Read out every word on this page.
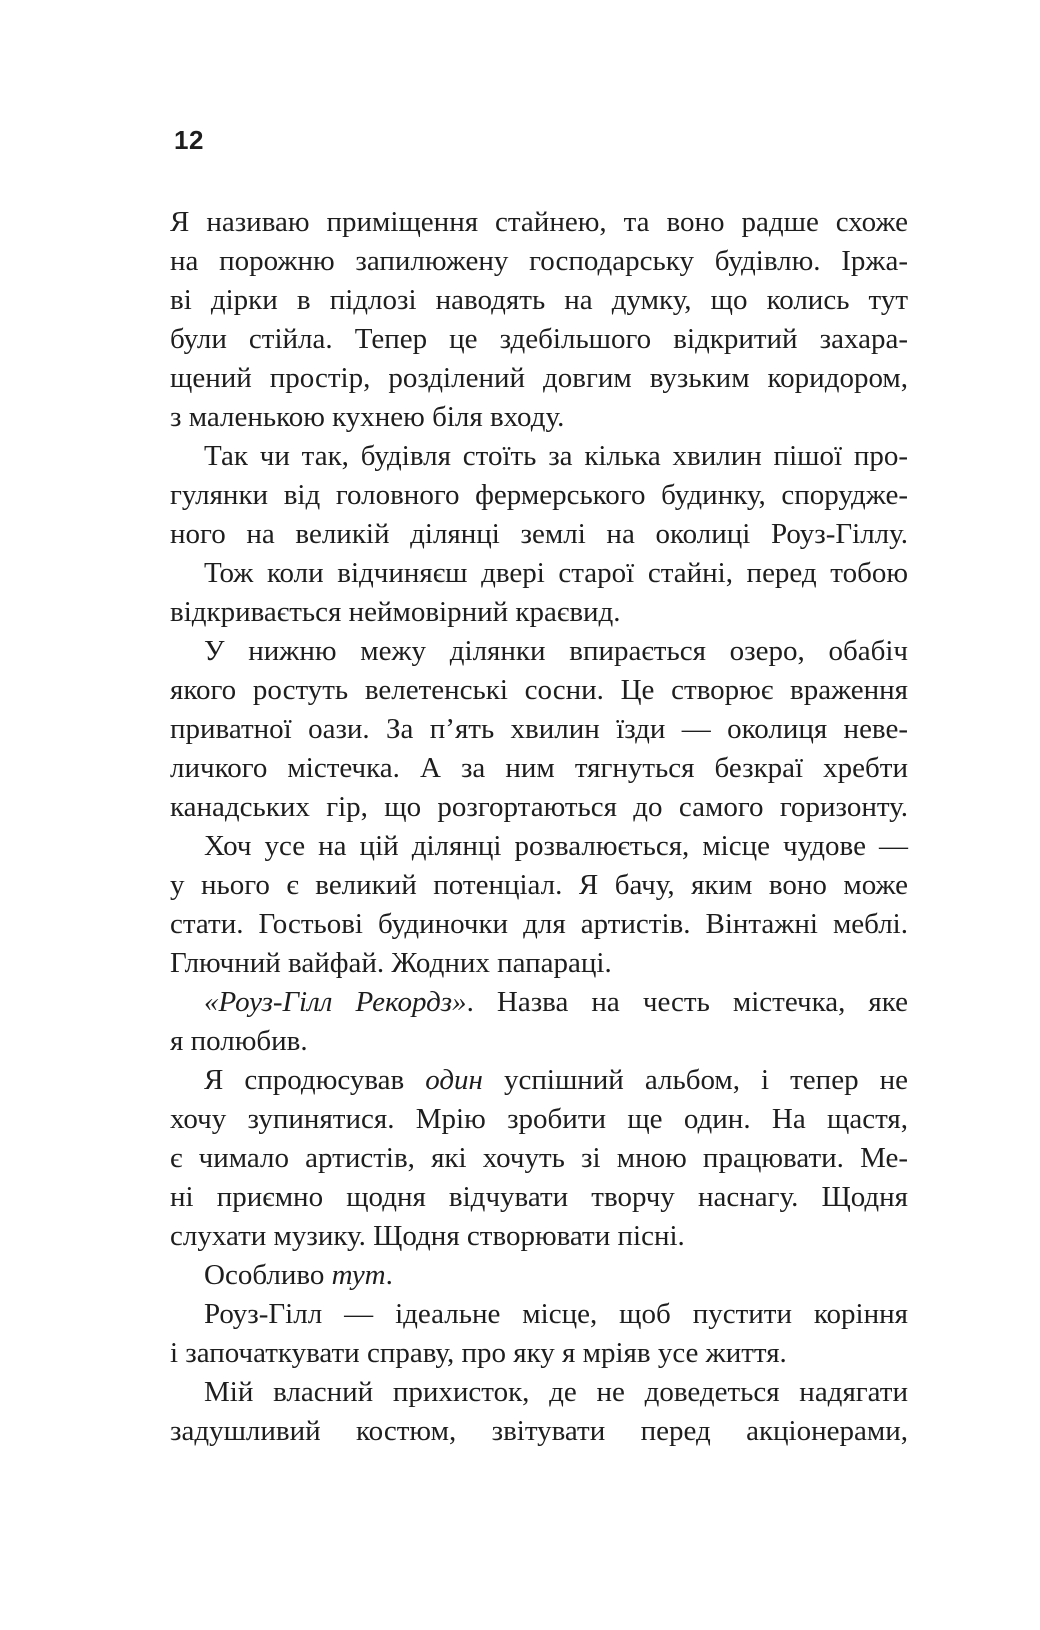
12
Я називаю приміщення стайнею, та воно радше схоже
на порожню запилюжену господарську будівлю. Іржа-
ві дірки в підлозі наводять на думку, що колись тут
були стійла. Тепер це здебільшого відкритий захара-
щений простір, розділений довгим вузьким коридором,
з маленькою кухнею біля входу.
Так чи так, будівля стоїть за кілька хвилин пішої про-
гулянки від головного фермерського будинку, спорудже-
ного на великій ділянці землі на околиці Роуз-Гіллу.
Тож коли відчиняєш двері старої стайні, перед тобою
відкривається неймовірний краєвид.
У нижню межу ділянки впирається озеро, обабіч
якого ростуть велетенські сосни. Це створює враження
приватної оази. За п’ять хвилин їзди — околиця неве-
личкого містечка. А за ним тягнуться безкраї хребти
канадських гір, що розгортаються до самого горизонту.
Хоч усе на цій ділянці розвалюється, місце чудове —
у нього є великий потенціал. Я бачу, яким воно може
стати. Гостьові будиночки для артистів. Вінтажні меблі.
Глючний вайфай. Жодних папараці.
«Роуз-Гілл Рекордз». Назва на честь містечка, яке
я полюбив.
Я спродюсував один успішний альбом, і тепер не
хочу зупинятися. Мрію зробити ще один. На щастя,
є чимало артистів, які хочуть зі мною працювати. Ме-
ні приємно щодня відчувати творчу наснагу. Щодня
слухати музику. Щодня створювати пісні.
Особливо тут.
Роуз-Гілл — ідеальне місце, щоб пустити коріння
і започаткувати справу, про яку я мріяв усе життя.
Мій власний прихисток, де не доведеться надягати
задушливий костюм, звітувати перед акціонерами,
